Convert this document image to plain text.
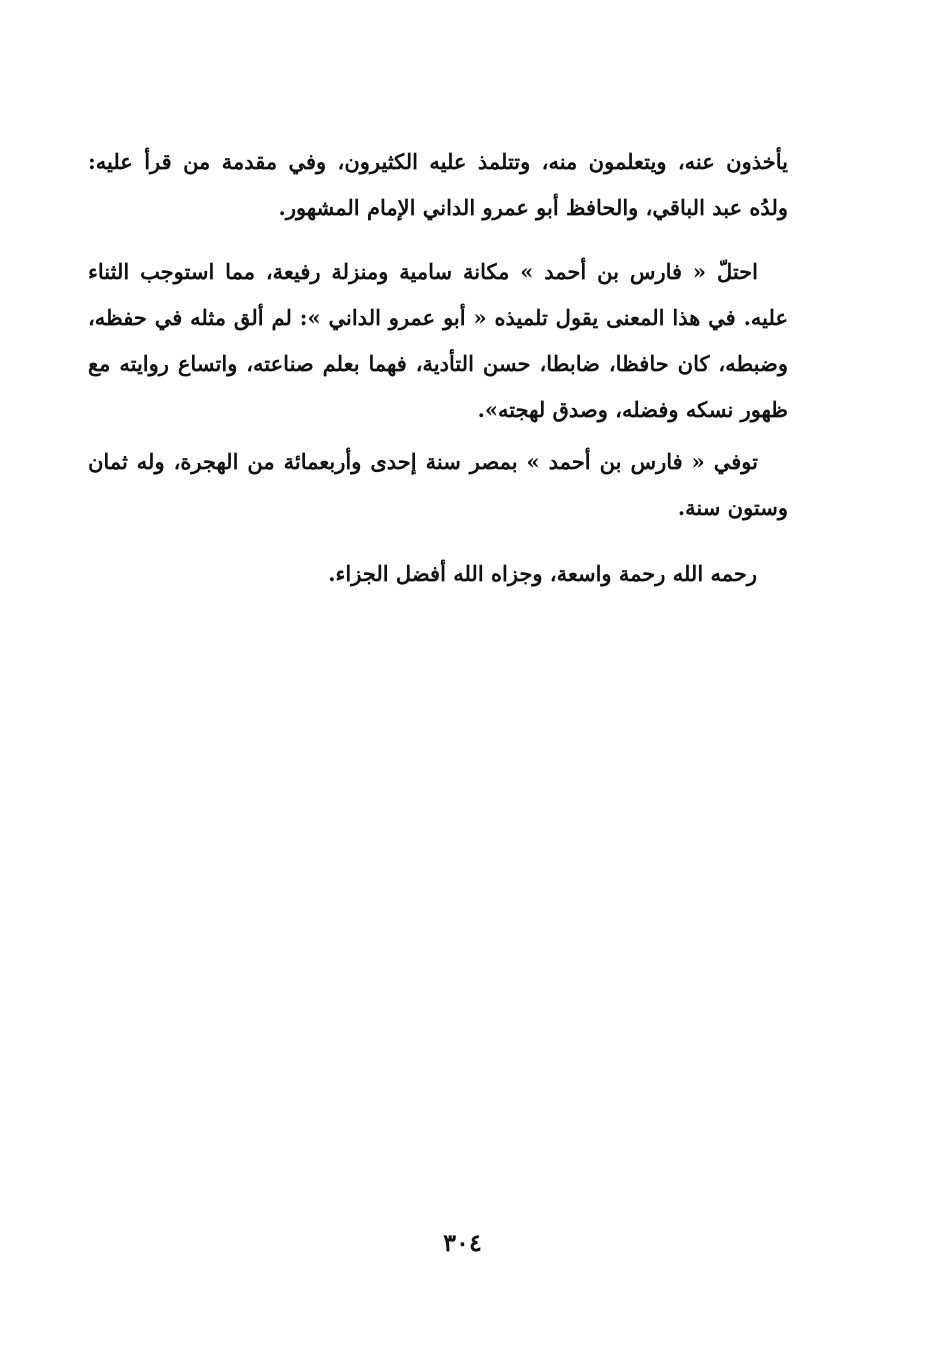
يأخذون عنه، ويتعلمون منه، وتتلمذ عليه الكثيرون، وفي مقدمة من قرأ عليه: ولدُه عبد الباقي، والحافظ أبو عمرو الداني الإمام المشهور.

احتلّ « فارس بن أحمد » مكانة سامية ومنزلة رفيعة، مما استوجب الثناء عليه. في هذا المعنى يقول تلميذه « أبو عمرو الداني »: لم ألق مثله في حفظه، وضبطه، كان حافظا، ضابطا، حسن التأدية، فهما بعلم صناعته، واتساع روايته مع ظهور نسكه وفضله، وصدق لهجته».

توفي « فارس بن أحمد » بمصر سنة إحدى وأربعمائة من الهجرة، وله ثمان وستون سنة.

رحمه الله رحمة واسعة، وجزاه الله أفضل الجزاء.

٣٠٤
